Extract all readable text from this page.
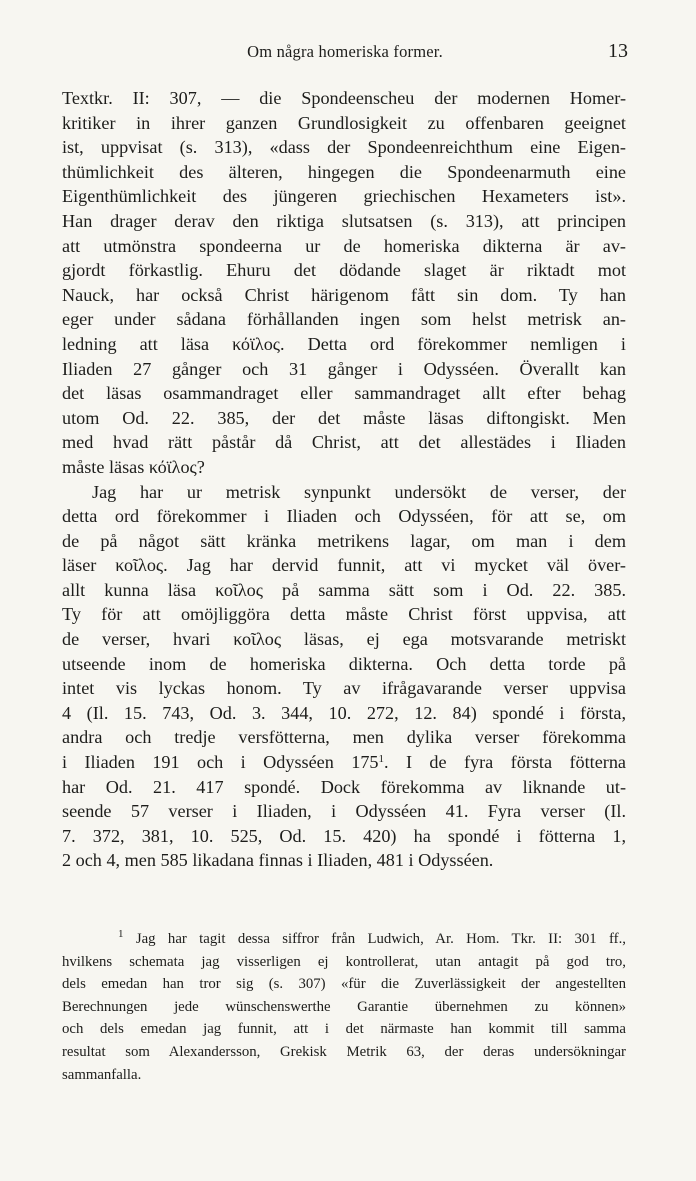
Om några homeriska former.	13
Textkr. II: 307, — die Spondeenscheu der modernen Homer-
kritiker in ihrer ganzen Grundlosigkeit zu offenbaren geeignet
ist, uppvisat (s. 313), «dass der Spondeenreichthum eine Eigen-
thümlichkeit des älteren, hingegen die Spondeenarmuth eine
Eigenthümlichkeit des jüngeren griechischen Hexameters ist».
Han drager derav den riktiga slutsatsen (s. 313), att principen
att utmönstra spondeerna ur de homeriska dikterna är av-
gjordt förkastlig. Ehuru det dödande slaget är riktadt mot
Nauck, har också Christ härigenom fått sin dom. Ty han
eger under sådana förhållanden ingen som helst metrisk an-
ledning att läsa κόϊλος. Detta ord förekommer nemligen i
Iliaden 27 gånger och 31 gånger i Odysséen. Överallt kan
det läsas osammandraget eller sammandraget allt efter behag
utom Od. 22. 385, der det måste läsas diftongiskt. Men
med hvad rätt påstår då Christ, att det allestädes i Iliaden
måste läsas κόϊλος?
Jag har ur metrisk synpunkt undersökt de verser, der
detta ord förekommer i Iliaden och Odysséen, för att se, om
de på något sätt kränka metrikens lagar, om man i dem
läser κοῖλος. Jag har dervid funnit, att vi mycket väl över-
allt kunna läsa κοῖλος på samma sätt som i Od. 22. 385.
Ty för att omöjliggöra detta måste Christ först uppvisa, att
de verser, hvari κοῖλος läsas, ej ega motsvarande metriskt
utseende inom de homeriska dikterna. Och detta torde på
intet vis lyckas honom. Ty av ifrågavarande verser uppvisa
4 (Il. 15. 743, Od. 3. 344, 10. 272, 12. 84) spondé i första,
andra och tredje versfötterna, men dylika verser förekomma
i Iliaden 191 och i Odysséen $175^1$. I de fyra första fötterna
har Od. 21. 417 spondé. Dock förekomma av liknande ut-
seende 57 verser i Iliaden, i Odysséen 41. Fyra verser (Il.
7. 372, 381, 10. 525, Od. 15. 420) ha spondé i fötterna 1,
2 och 4, men 585 likadana finnas i Iliaden, 481 i Odysséen.
$^1$ Jag har tagit dessa siffror från Ludwich, Ar. Hom. Tkr. II: 301 ff.,
hvilkens schemata jag visserligen ej kontrollerat, utan antagit på god tro,
dels emedan han tror sig (s. 307) «für die Zuverlässigkeit der angestellten
Berechnungen jede wünschenswerthe Garantie übernehmen zu können»
och dels emedan jag funnit, att i det närmaste han kommit till samma
resultat som Alexandersson, Grekisk Metrik 63, der deras undersökningar
sammanfalla.
